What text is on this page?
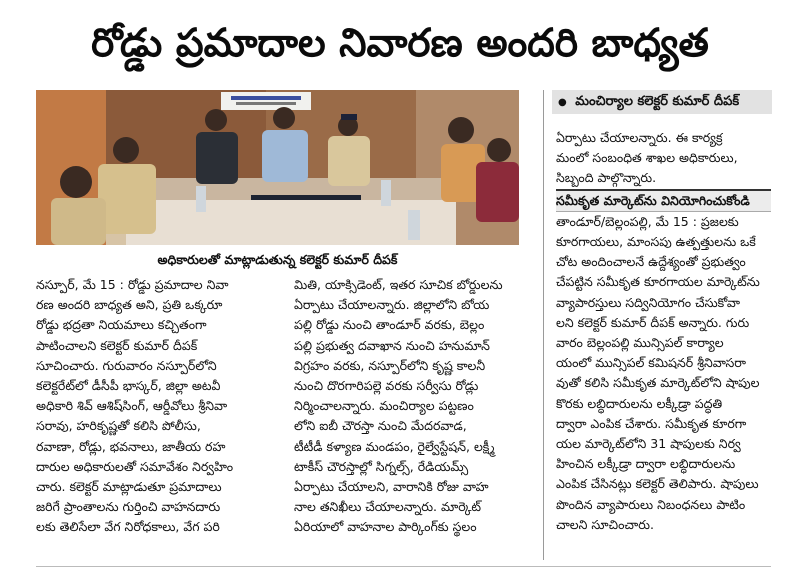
రోడ్డు ప్రమాదాల నివారణ అందరి బాధ్యత

అధికారులతో మాట్లాడుతున్న కలెక్టర్ కుమార్ దీపక్

● మంచిర్యాల కలెక్టర్ కుమార్ దీపక్

నస్పూర్, మే 15 : రోడ్డు ప్రమాదాల నివా

రణ అందరి బాధ్యత అని, ప్రతి ఒక్కరూ

రోడ్డు భద్రతా నియమాలు కచ్చితంగా

పాటించాలని కలెక్టర్ కుమార్ దీపక్

సూచించారు. గురువారం నస్పూర్‌లోని

కలెక్టరేట్‌లో డీసీపీ భాస్కర్, జిల్లా అటవీ

అధికారి శివ్ ఆశిష్‌సింగ్, ఆర్డీవోలు శ్రీనివా

సరావు, హరికృష్ణతో కలిసి పోలీసు,

రవాణా, రోడ్లు, భవనాలు, జాతీయ రహ

దారుల అధికారులతో సమావేశం నిర్వహిం

చారు. కలెక్టర్ మాట్లాడుతూ ప్రమాదాలు

జరిగే ప్రాంతాలను గుర్తించి వాహనదారు

లకు తెలిసేలా వేగ నిరోధకాలు, వేగ పరి

మితి, యాక్సిడెంట్, ఇతర సూచిక బోర్డులను

ఏర్పాటు చేయాలన్నారు. జిల్లాలోని బోయ

పల్లి రోడ్డు నుంచి తాండూర్ వరకు, బెల్లం

పల్లి ప్రభుత్వ దవాఖాన నుంచి హనుమాన్

విగ్రహం వరకు, నస్పూర్‌లోని కృష్ణ కాలనీ

నుంచి దొరగారిపల్లె వరకు సర్వీసు రోడ్లు

నిర్మించాలన్నారు. మంచిర్యాల పట్టణం

లోని ఐబీ చౌరస్తా నుంచి మేదరవాడ,

టీటీడీ కళ్యాణ మండపం, రైల్వేస్టేషన్, లక్ష్మీ

టాకీస్ చౌరస్తాల్లో సిగ్నల్స్, రేడియమ్స్

ఏర్పాటు చేయాలని, వారానికి రోజు వాహ

నాల తనిఖీలు చేయాలన్నారు. మార్కెట్

ఏరియాలో వాహనాల పార్కింగ్‌కు స్థలం

ఏర్పాటు చేయాలన్నారు. ఈ కార్యక్ర

మంలో సంబంధిత శాఖల అధికారులు,

సిబ్బంది పాల్గొన్నారు.

సమీకృత మార్కెట్‌ను వినియోగించుకోండి

తాండూర్/బెల్లంపల్లి, మే 15 : ప్రజలకు

కూరగాయలు, మాంసపు ఉత్పత్తులను ఒకే

చోట అందించాలనే ఉద్దేశ్యంతో ప్రభుత్వం

చేపట్టిన సమీకృత కూరగాయల మార్కెట్‌ను

వ్యాపారస్తులు సద్వినియోగం చేసుకోవా

లని కలెక్టర్ కుమార్ దీపక్ అన్నారు. గురు

వారం బెల్లంపల్లి మున్సిపల్ కార్యాల

యంలో మున్సిపల్ కమిషనర్ శ్రీనివాసరా

వుతో కలిసి సమీకృత మార్కెట్‌లోని షాపుల

కొరకు లబ్ధిదారులను లక్కీడ్రా పద్ధతి

ద్వారా ఎంపిక చేశారు. సమీకృత కూరగా

యల మార్కెట్‌లోని 31 షాపులకు నిర్వ

హించిన లక్కీడ్రా ద్వారా లబ్ధిదారులను

ఎంపిక చేసినట్లు కలెక్టర్ తెలిపారు. షాపులు

పొందిన వ్యాపారులు నిబంధనలు పాటిం

చాలని సూచించారు.
